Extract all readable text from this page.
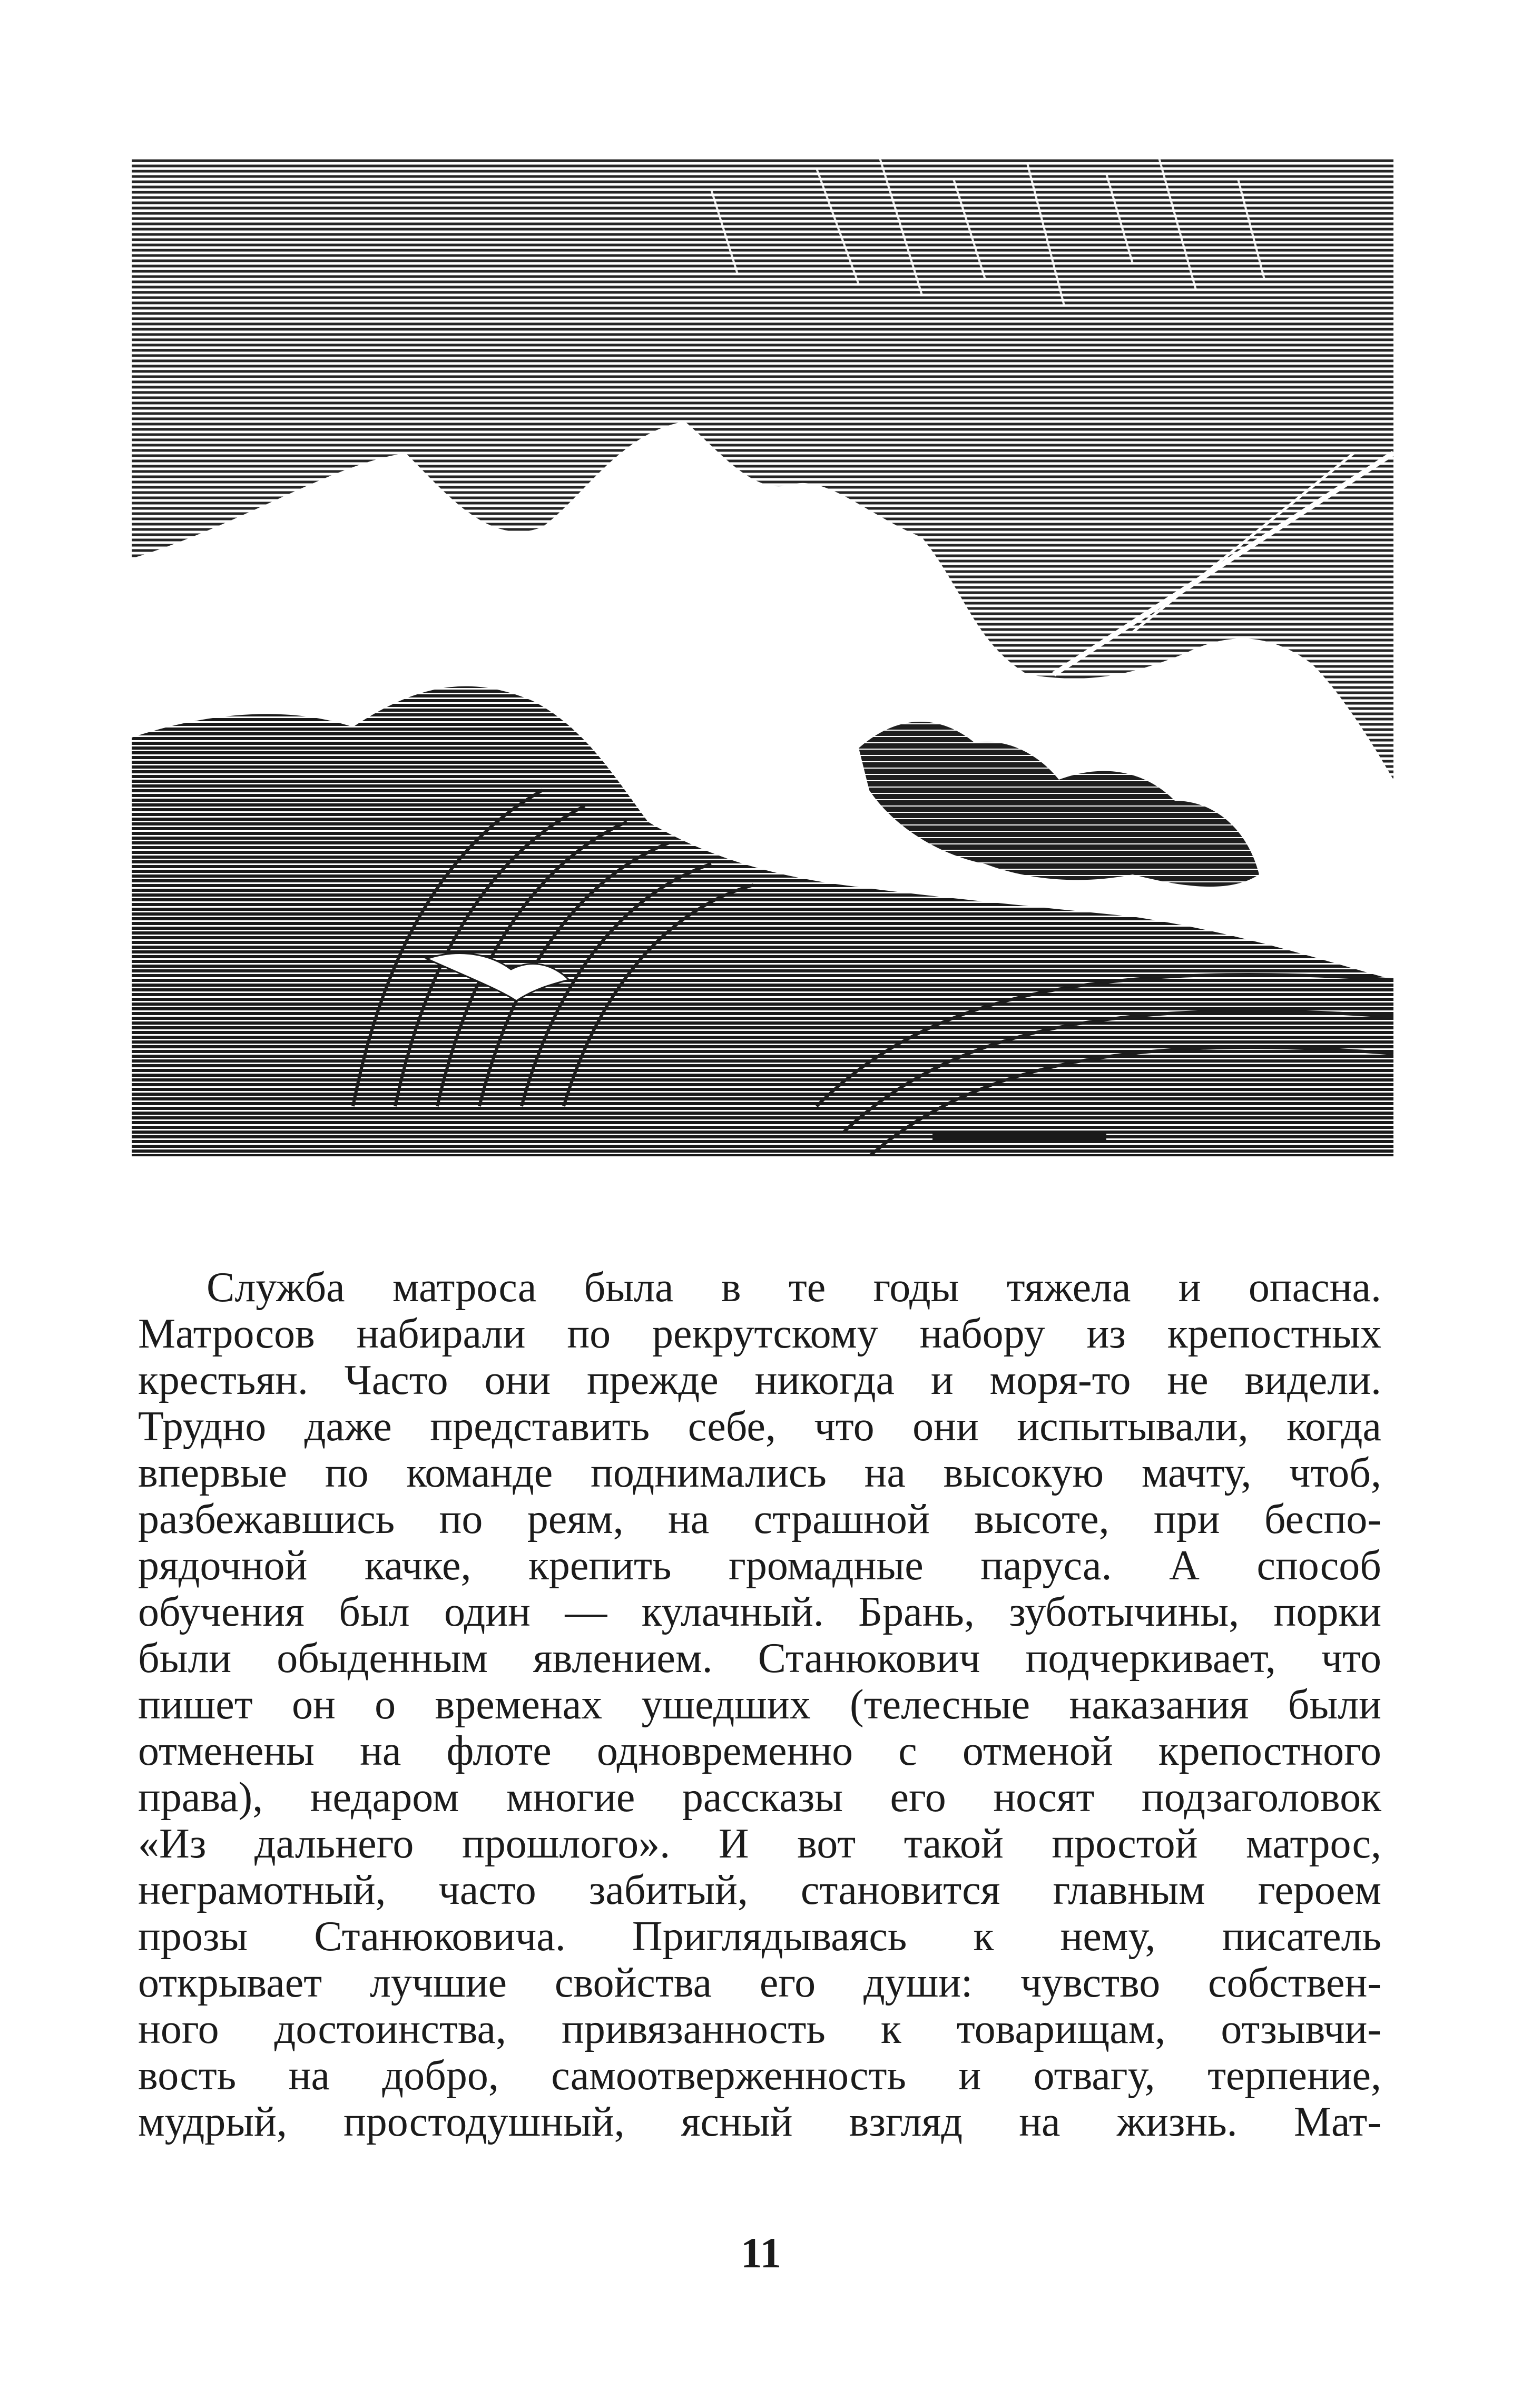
Служба матроса была в те годы тяжела и опасна.
Матросов набирали по рекрутскому набору из крепостных
крестьян. Часто они прежде никогда и моря-то не видели.
Трудно даже представить себе, что они испытывали, когда
впервые по команде поднимались на высокую мачту, чтоб,
разбежавшись по реям, на страшной высоте, при беспо-
рядочной качке, крепить громадные паруса. А способ
обучения был один — кулачный. Брань, зуботычины, порки
были обыденным явлением. Станюкович подчеркивает, что
пишет он о временах ушедших (телесные наказания были
отменены на флоте одновременно с отменой крепостного
права), недаром многие рассказы его носят подзаголовок
«Из дальнего прошлого». И вот такой простой матрос,
неграмотный, часто забитый, становится главным героем
прозы Станюковича. Приглядываясь к нему, писатель
открывает лучшие свойства его души: чувство собствен-
ного достоинства, привязанность к товарищам, отзывчи-
вость на добро, самоотверженность и отвагу, терпение,
мудрый, простодушный, ясный взгляд на жизнь. Мат-

11
